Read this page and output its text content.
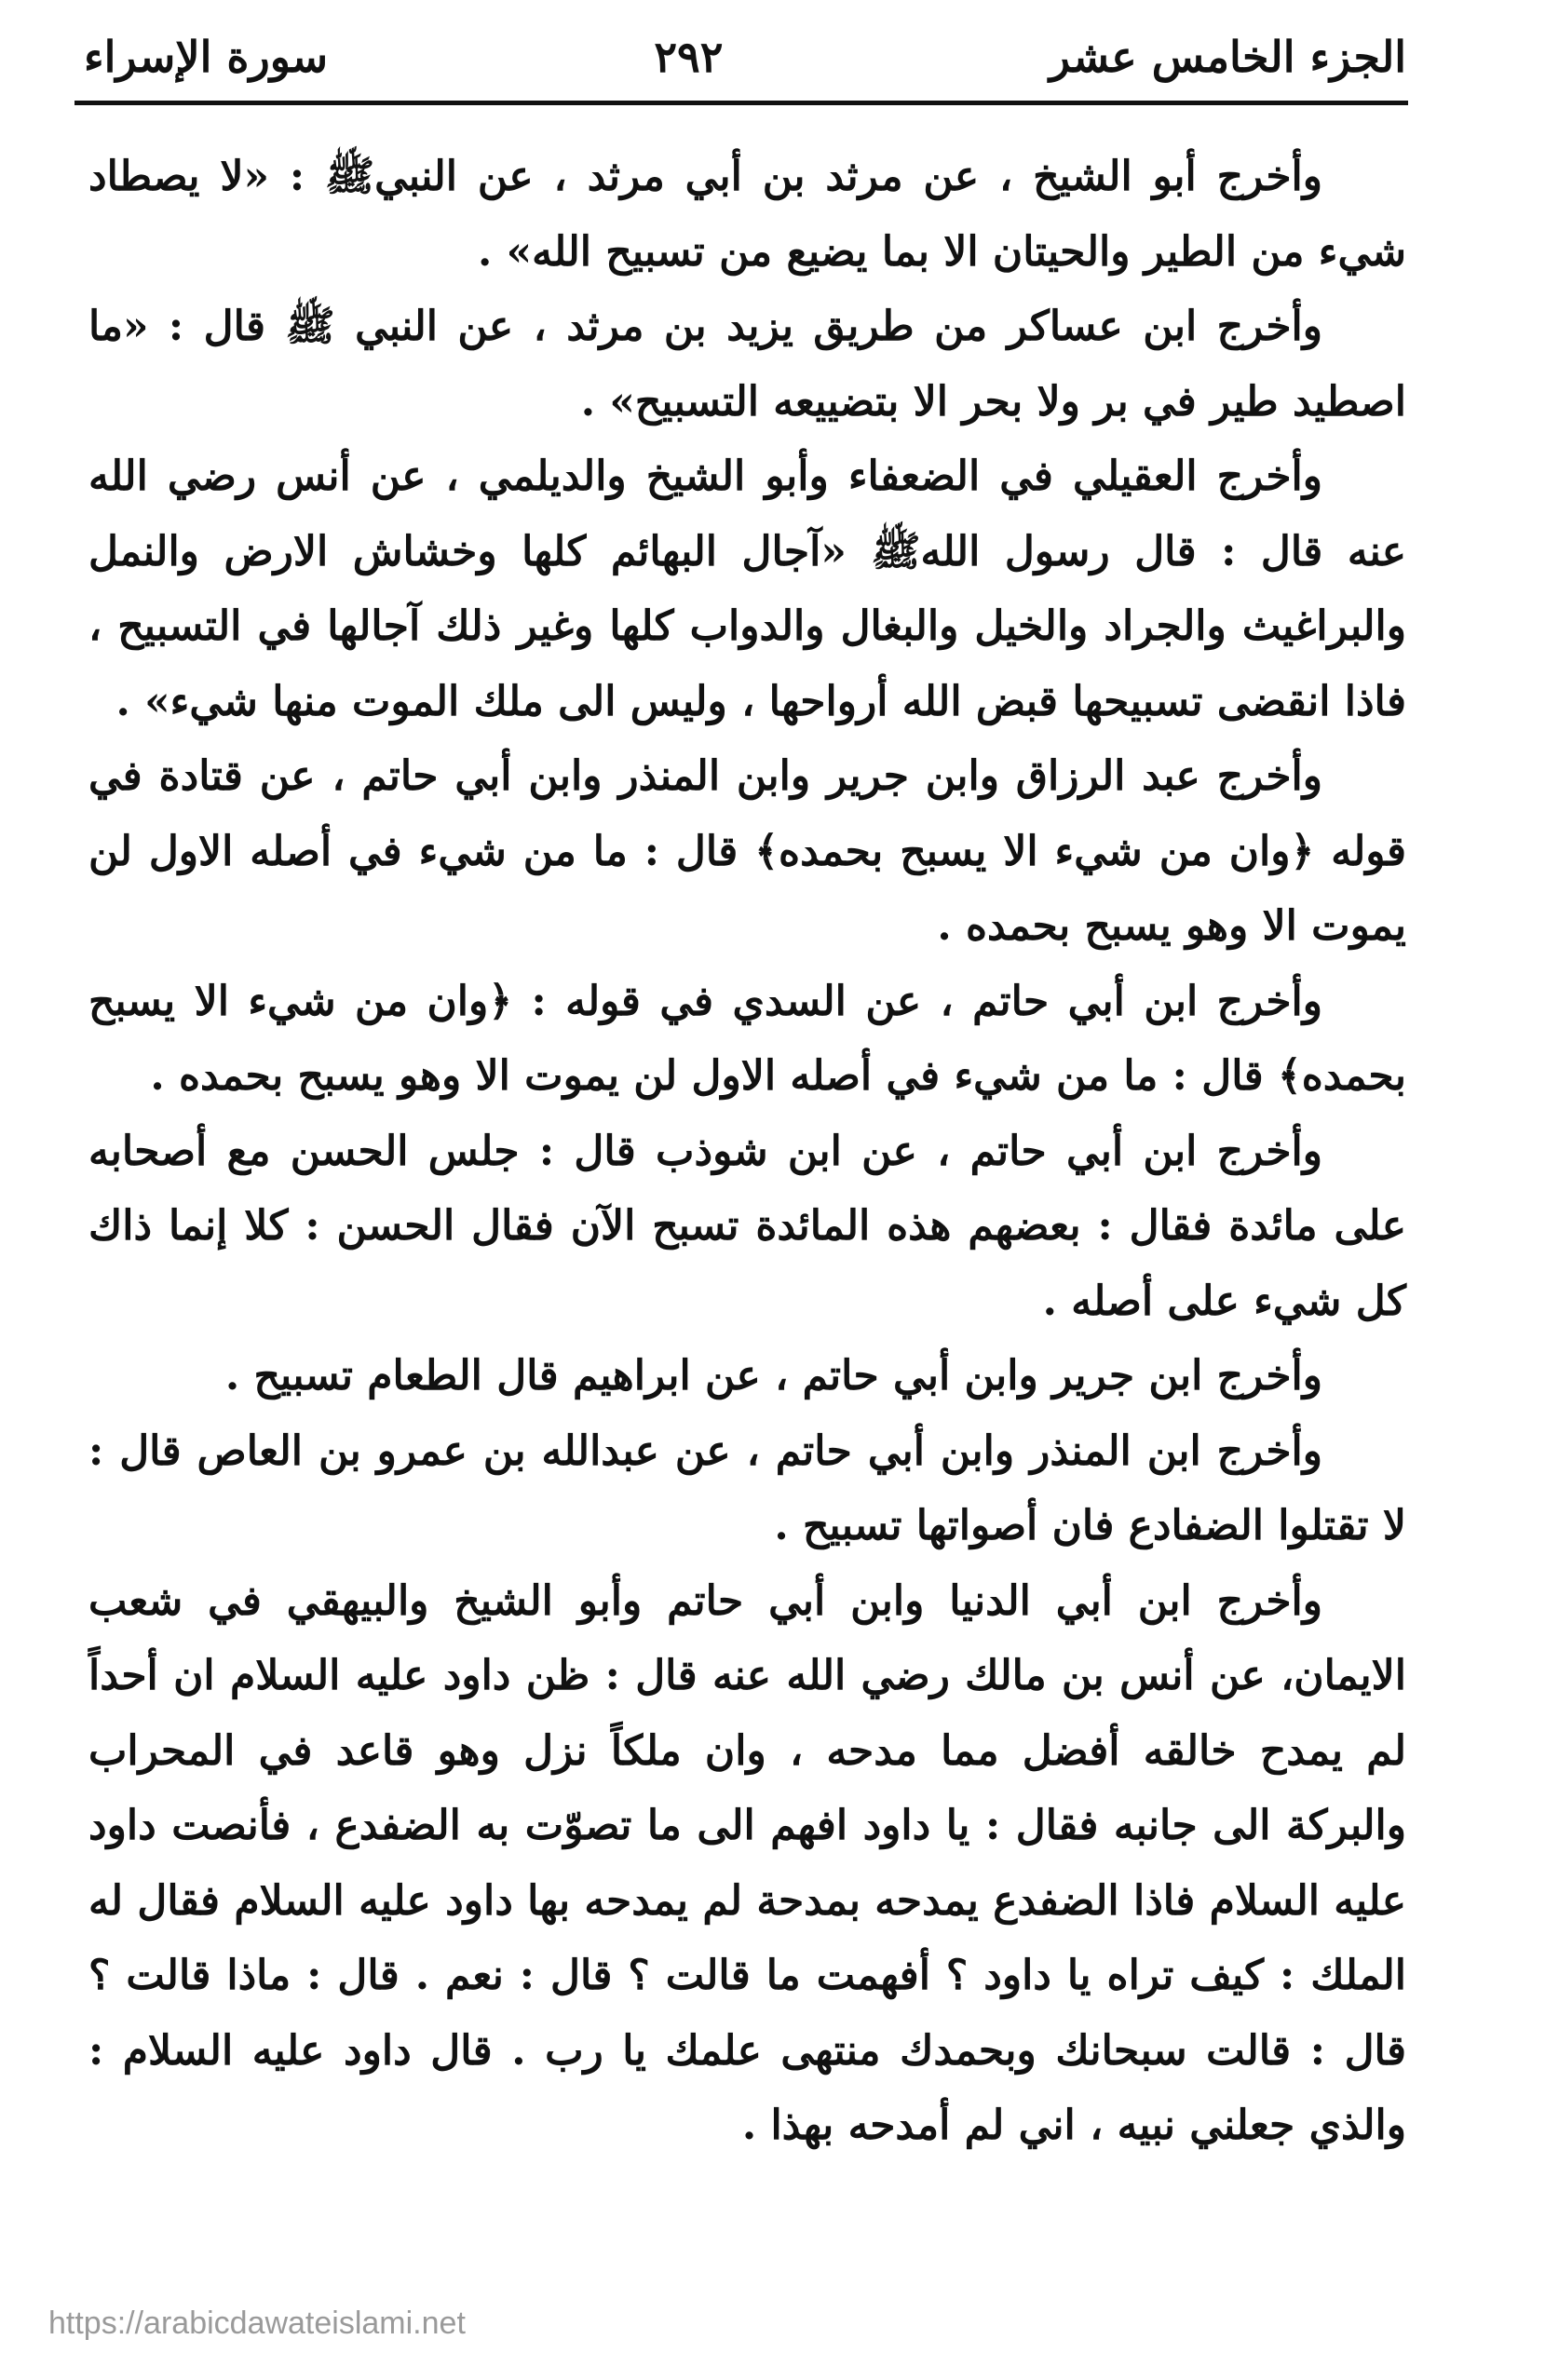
الجزء الخامس عشر
٢٩٢
سورة الإسراء

وأخرج أبو الشيخ ، عن مرثد بن أبي مرثد ، عن النبيﷺ : «لا يصطاد شيء من الطير والحيتان الا بما يضيع من تسبيح الله» .

وأخرج ابن عساكر من طريق يزيد بن مرثد ، عن النبي ﷺ قال : «ما اصطيد طير في بر ولا بحر الا بتضييعه التسبيح» .

وأخرج العقيلي في الضعفاء وأبو الشيخ والديلمي ، عن أنس رضي الله عنه قال : قال رسول اللهﷺ «آجال البهائم كلها وخشاش الارض والنمل والبراغيث والجراد والخيل والبغال والدواب كلها وغير ذلك آجالها في التسبيح ، فاذا انقضى تسبيحها قبض الله أرواحها ، وليس الى ملك الموت منها شيء» .

وأخرج عبد الرزاق وابن جرير وابن المنذر وابن أبي حاتم ، عن قتادة في قوله ﴿وان من شيء الا يسبح بحمده﴾ قال : ما من شيء في أصله الاول لن يموت الا وهو يسبح بحمده .

وأخرج ابن أبي حاتم ، عن السدي في قوله : ﴿وان من شيء الا يسبح بحمده﴾ قال : ما من شيء في أصله الاول لن يموت الا وهو يسبح بحمده .

وأخرج ابن أبي حاتم ، عن ابن شوذب قال : جلس الحسن مع أصحابه على مائدة فقال : بعضهم هذه المائدة تسبح الآن فقال الحسن : كلا إنما ذاك كل شيء على أصله .

وأخرج ابن جرير وابن أبي حاتم ، عن ابراهيم قال الطعام تسبيح .

وأخرج ابن المنذر وابن أبي حاتم ، عن عبدالله بن عمرو بن العاص قال : لا تقتلوا الضفادع فان أصواتها تسبيح .

وأخرج ابن أبي الدنيا وابن أبي حاتم وأبو الشيخ والبيهقي في شعب الايمان، عن أنس بن مالك رضي الله عنه قال : ظن داود عليه السلام ان أحداً لم يمدح خالقه أفضل مما مدحه ، وان ملكاً نزل وهو قاعد في المحراب والبركة الى جانبه فقال : يا داود افهم الى ما تصوّت به الضفدع ، فأنصت داود عليه السلام فاذا الضفدع يمدحه بمدحة لم يمدحه بها داود عليه السلام فقال له الملك : كيف تراه يا داود ؟ أفهمت ما قالت ؟ قال : نعم . قال : ماذا قالت ؟ قال : قالت سبحانك وبحمدك منتهى علمك يا رب . قال داود عليه السلام : والذي جعلني نبيه ، اني لم أمدحه بهذا .

https://arabicdawateislami.net
